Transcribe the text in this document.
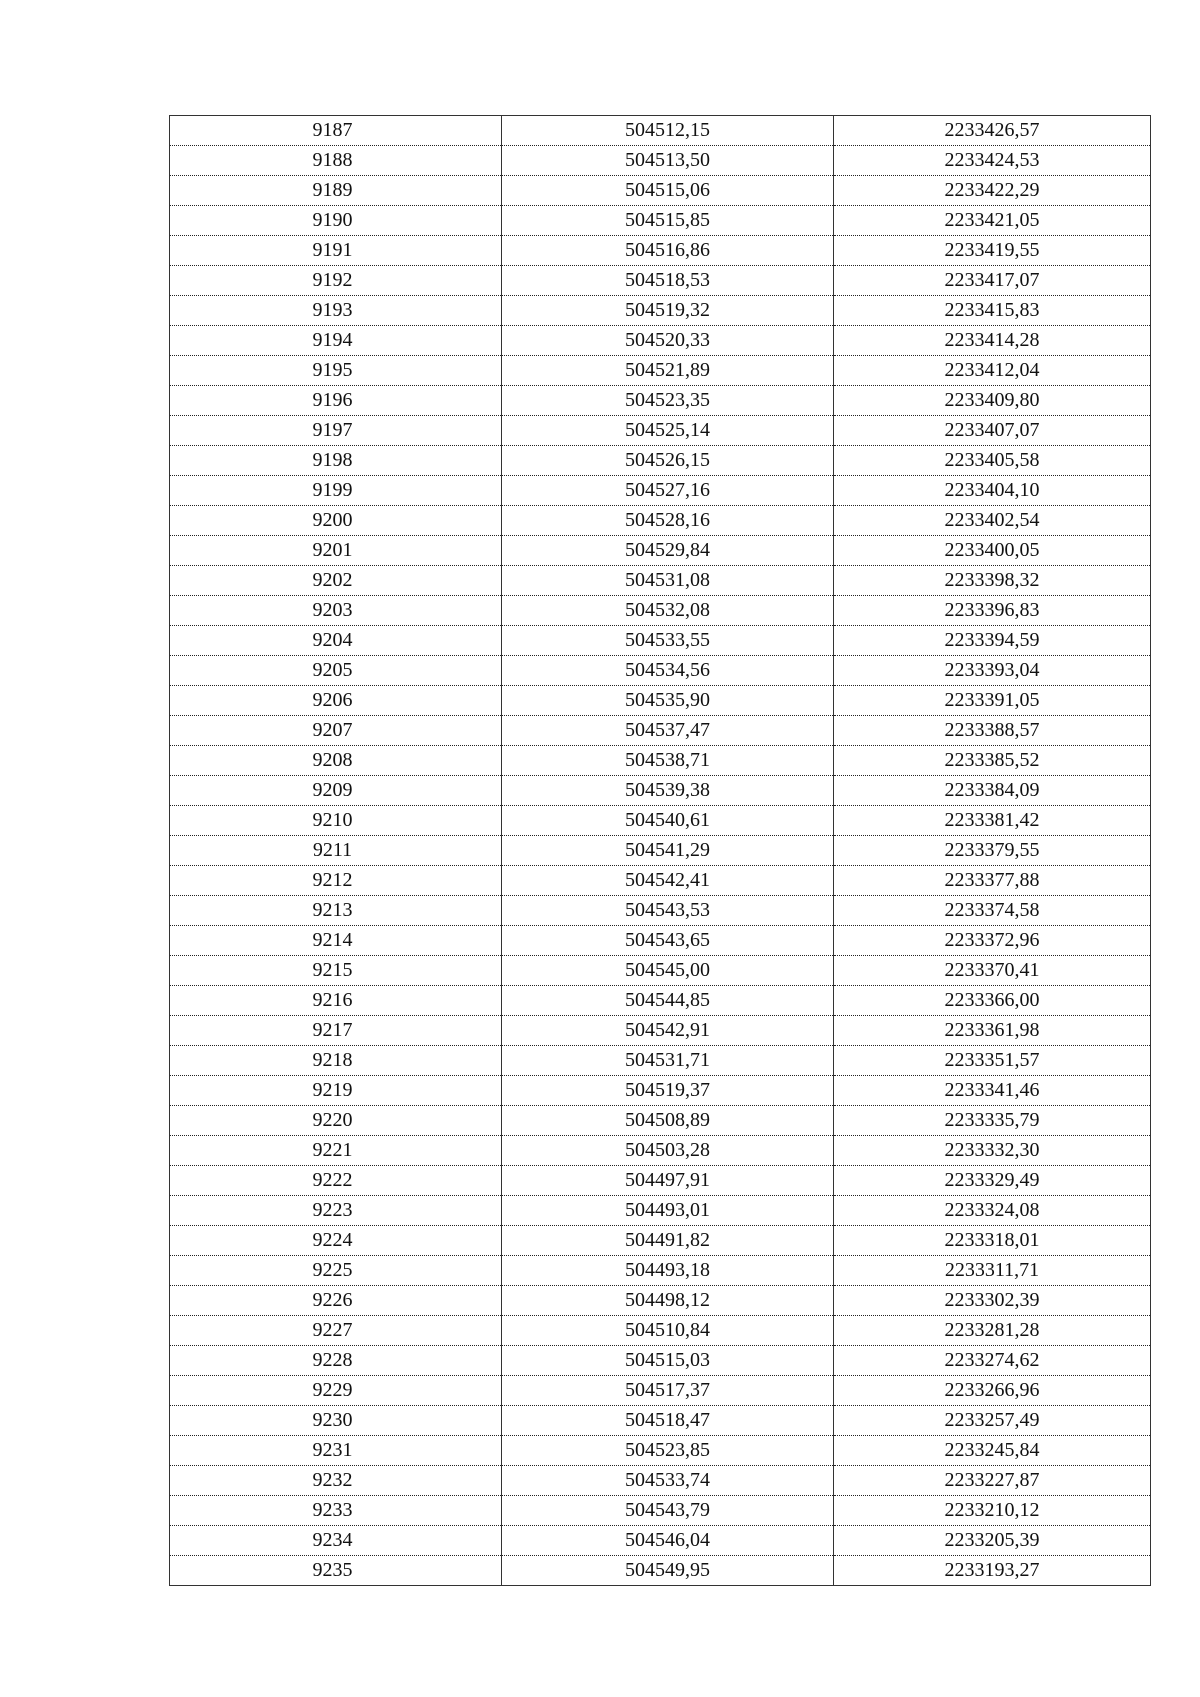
9187	504512,15	2233426,57
9188	504513,50	2233424,53
9189	504515,06	2233422,29
9190	504515,85	2233421,05
9191	504516,86	2233419,55
9192	504518,53	2233417,07
9193	504519,32	2233415,83
9194	504520,33	2233414,28
9195	504521,89	2233412,04
9196	504523,35	2233409,80
9197	504525,14	2233407,07
9198	504526,15	2233405,58
9199	504527,16	2233404,10
9200	504528,16	2233402,54
9201	504529,84	2233400,05
9202	504531,08	2233398,32
9203	504532,08	2233396,83
9204	504533,55	2233394,59
9205	504534,56	2233393,04
9206	504535,90	2233391,05
9207	504537,47	2233388,57
9208	504538,71	2233385,52
9209	504539,38	2233384,09
9210	504540,61	2233381,42
9211	504541,29	2233379,55
9212	504542,41	2233377,88
9213	504543,53	2233374,58
9214	504543,65	2233372,96
9215	504545,00	2233370,41
9216	504544,85	2233366,00
9217	504542,91	2233361,98
9218	504531,71	2233351,57
9219	504519,37	2233341,46
9220	504508,89	2233335,79
9221	504503,28	2233332,30
9222	504497,91	2233329,49
9223	504493,01	2233324,08
9224	504491,82	2233318,01
9225	504493,18	2233311,71
9226	504498,12	2233302,39
9227	504510,84	2233281,28
9228	504515,03	2233274,62
9229	504517,37	2233266,96
9230	504518,47	2233257,49
9231	504523,85	2233245,84
9232	504533,74	2233227,87
9233	504543,79	2233210,12
9234	504546,04	2233205,39
9235	504549,95	2233193,27
